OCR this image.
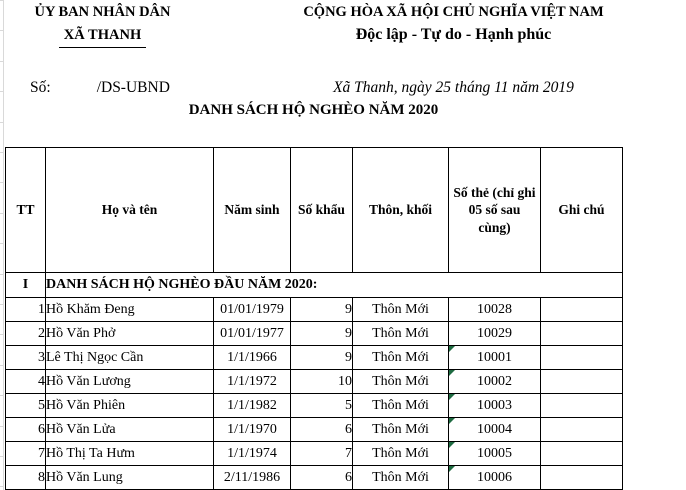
ỦY BAN NHÂN DÂN
XÃ THANH
CỘNG HÒA XÃ HỘI CHỦ NGHĨA VIỆT NAM
Độc lập - Tự do - Hạnh phúc
Số:	/DS-UBND	Xã Thanh, ngày 25 tháng 11 năm 2019
DANH SÁCH HỘ NGHÈO NĂM 2020
TT	Họ và tên	Năm sinh	Số khẩu	Thôn, khối	Số thẻ (chỉ ghi 05 số sau cùng)	Ghi chú
I	DANH SÁCH HỘ NGHÈO ĐẦU NĂM 2020:					
1	Hồ Khăm Đeng	01/01/1979	9	Thôn Mới	10028	
2	Hồ Văn Phở	01/01/1977	9	Thôn Mới	10029	
3	Lê Thị Ngọc Cần	1/1/1966	9	Thôn Mới	10001

4	Hồ Văn Lương	1/1/1972	10	Thôn Mới	10002

5	Hồ Văn Phiên	1/1/1982	5	Thôn Mới	10003

6	Hồ Văn Lửa	1/1/1970	6	Thôn Mới	10004

7	Hồ Thị Ta Hưm	1/1/1974	7	Thôn Mới	10005

8	Hồ Văn Lung	2/11/1986	6	Thôn Mới	10006
